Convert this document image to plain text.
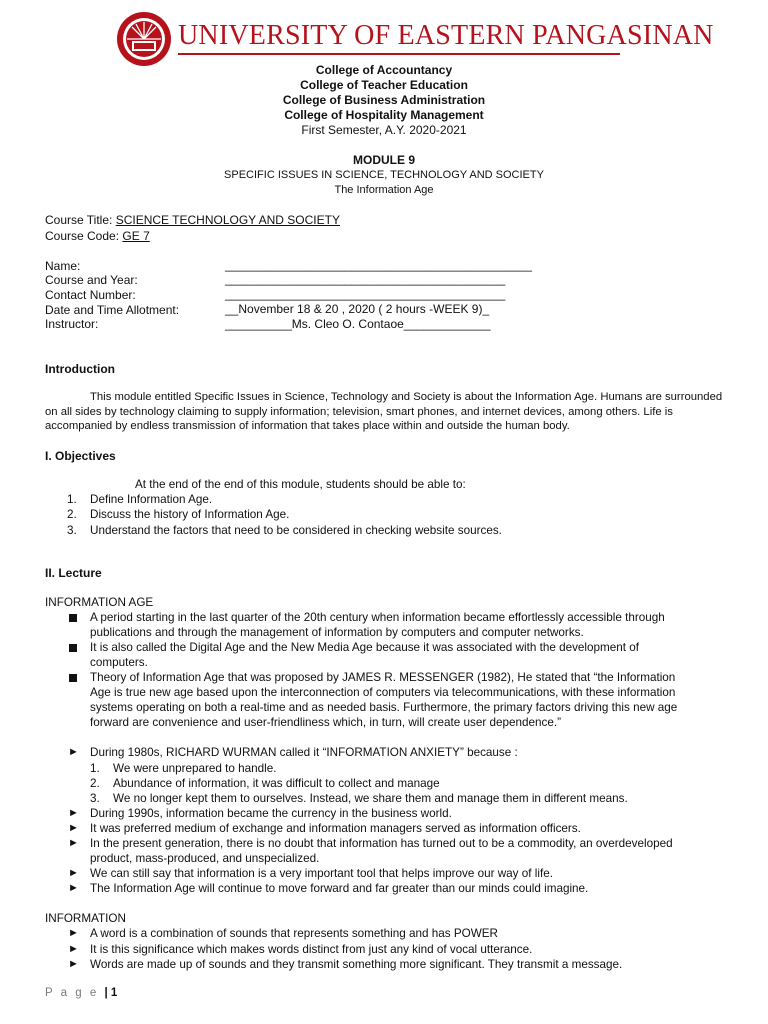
UNIVERSITY OF EASTERN PANGASINAN
College of Accountancy
College of Teacher Education
College of Business Administration
College of Hospitality Management
First Semester, A.Y. 2020-2021
MODULE 9
SPECIFIC ISSUES IN SCIENCE, TECHNOLOGY AND SOCIETY
The Information Age
Course Title: SCIENCE TECHNOLOGY AND SOCIETY
Course Code: GE 7
Name:	______________________________________________
Course and Year:	__________________________________________
Contact Number:	__________________________________________
Date and Time Allotment:	__November 18 & 20 , 2020 ( 2 hours -WEEK 9)_
Instructor:	__________Ms. Cleo O. Contaoe_____________
Introduction
This module entitled Specific Issues in Science, Technology and Society is about the Information Age. Humans are surrounded on all sides by technology claiming to supply information; television, smart phones, and internet devices, among others. Life is accompanied by endless transmission of information that takes place within and outside the human body.
I. Objectives
At the end of the end of this module, students should be able to:
1. Define Information Age.
2. Discuss the history of Information Age.
3. Understand the factors that need to be considered in checking website sources.
II. Lecture
INFORMATION AGE
A period starting in the last quarter of the 20th century when information became effortlessly accessible through
publications and through the management of information by computers and computer networks.
It is also called the Digital Age and the New Media Age because it was associated with the development of
computers.
Theory of Information Age that was proposed by JAMES R. MESSENGER (1982), He stated that “the Information
Age is true new age based upon the interconnection of computers via telecommunications, with these information
systems operating on both a real-time and as needed basis. Furthermore, the primary factors driving this new age
forward are convenience and user-friendliness which, in turn, will create user dependence.”
► During 1980s, RICHARD WURMAN called it “INFORMATION ANXIETY” because :
1. We were unprepared to handle.
2. Abundance of information, it was difficult to collect and manage
3. We no longer kept them to ourselves. Instead, we share them and manage them in different means.
► During 1990s, information became the currency in the business world.
► It was preferred medium of exchange and information managers served as information officers.
► In the present generation, there is no doubt that information has turned out to be a commodity, an overdeveloped
product, mass-produced, and unspecialized.
► We can still say that information is a very important tool that helps improve our way of life.
► The Information Age will continue to move forward and far greater than our minds could imagine.
INFORMATION
► A word is a combination of sounds that represents something and has POWER
► It is this significance which makes words distinct from just any kind of vocal utterance.
► Words are made up of sounds and they transmit something more significant. They transmit a message.
P a g e | 1
